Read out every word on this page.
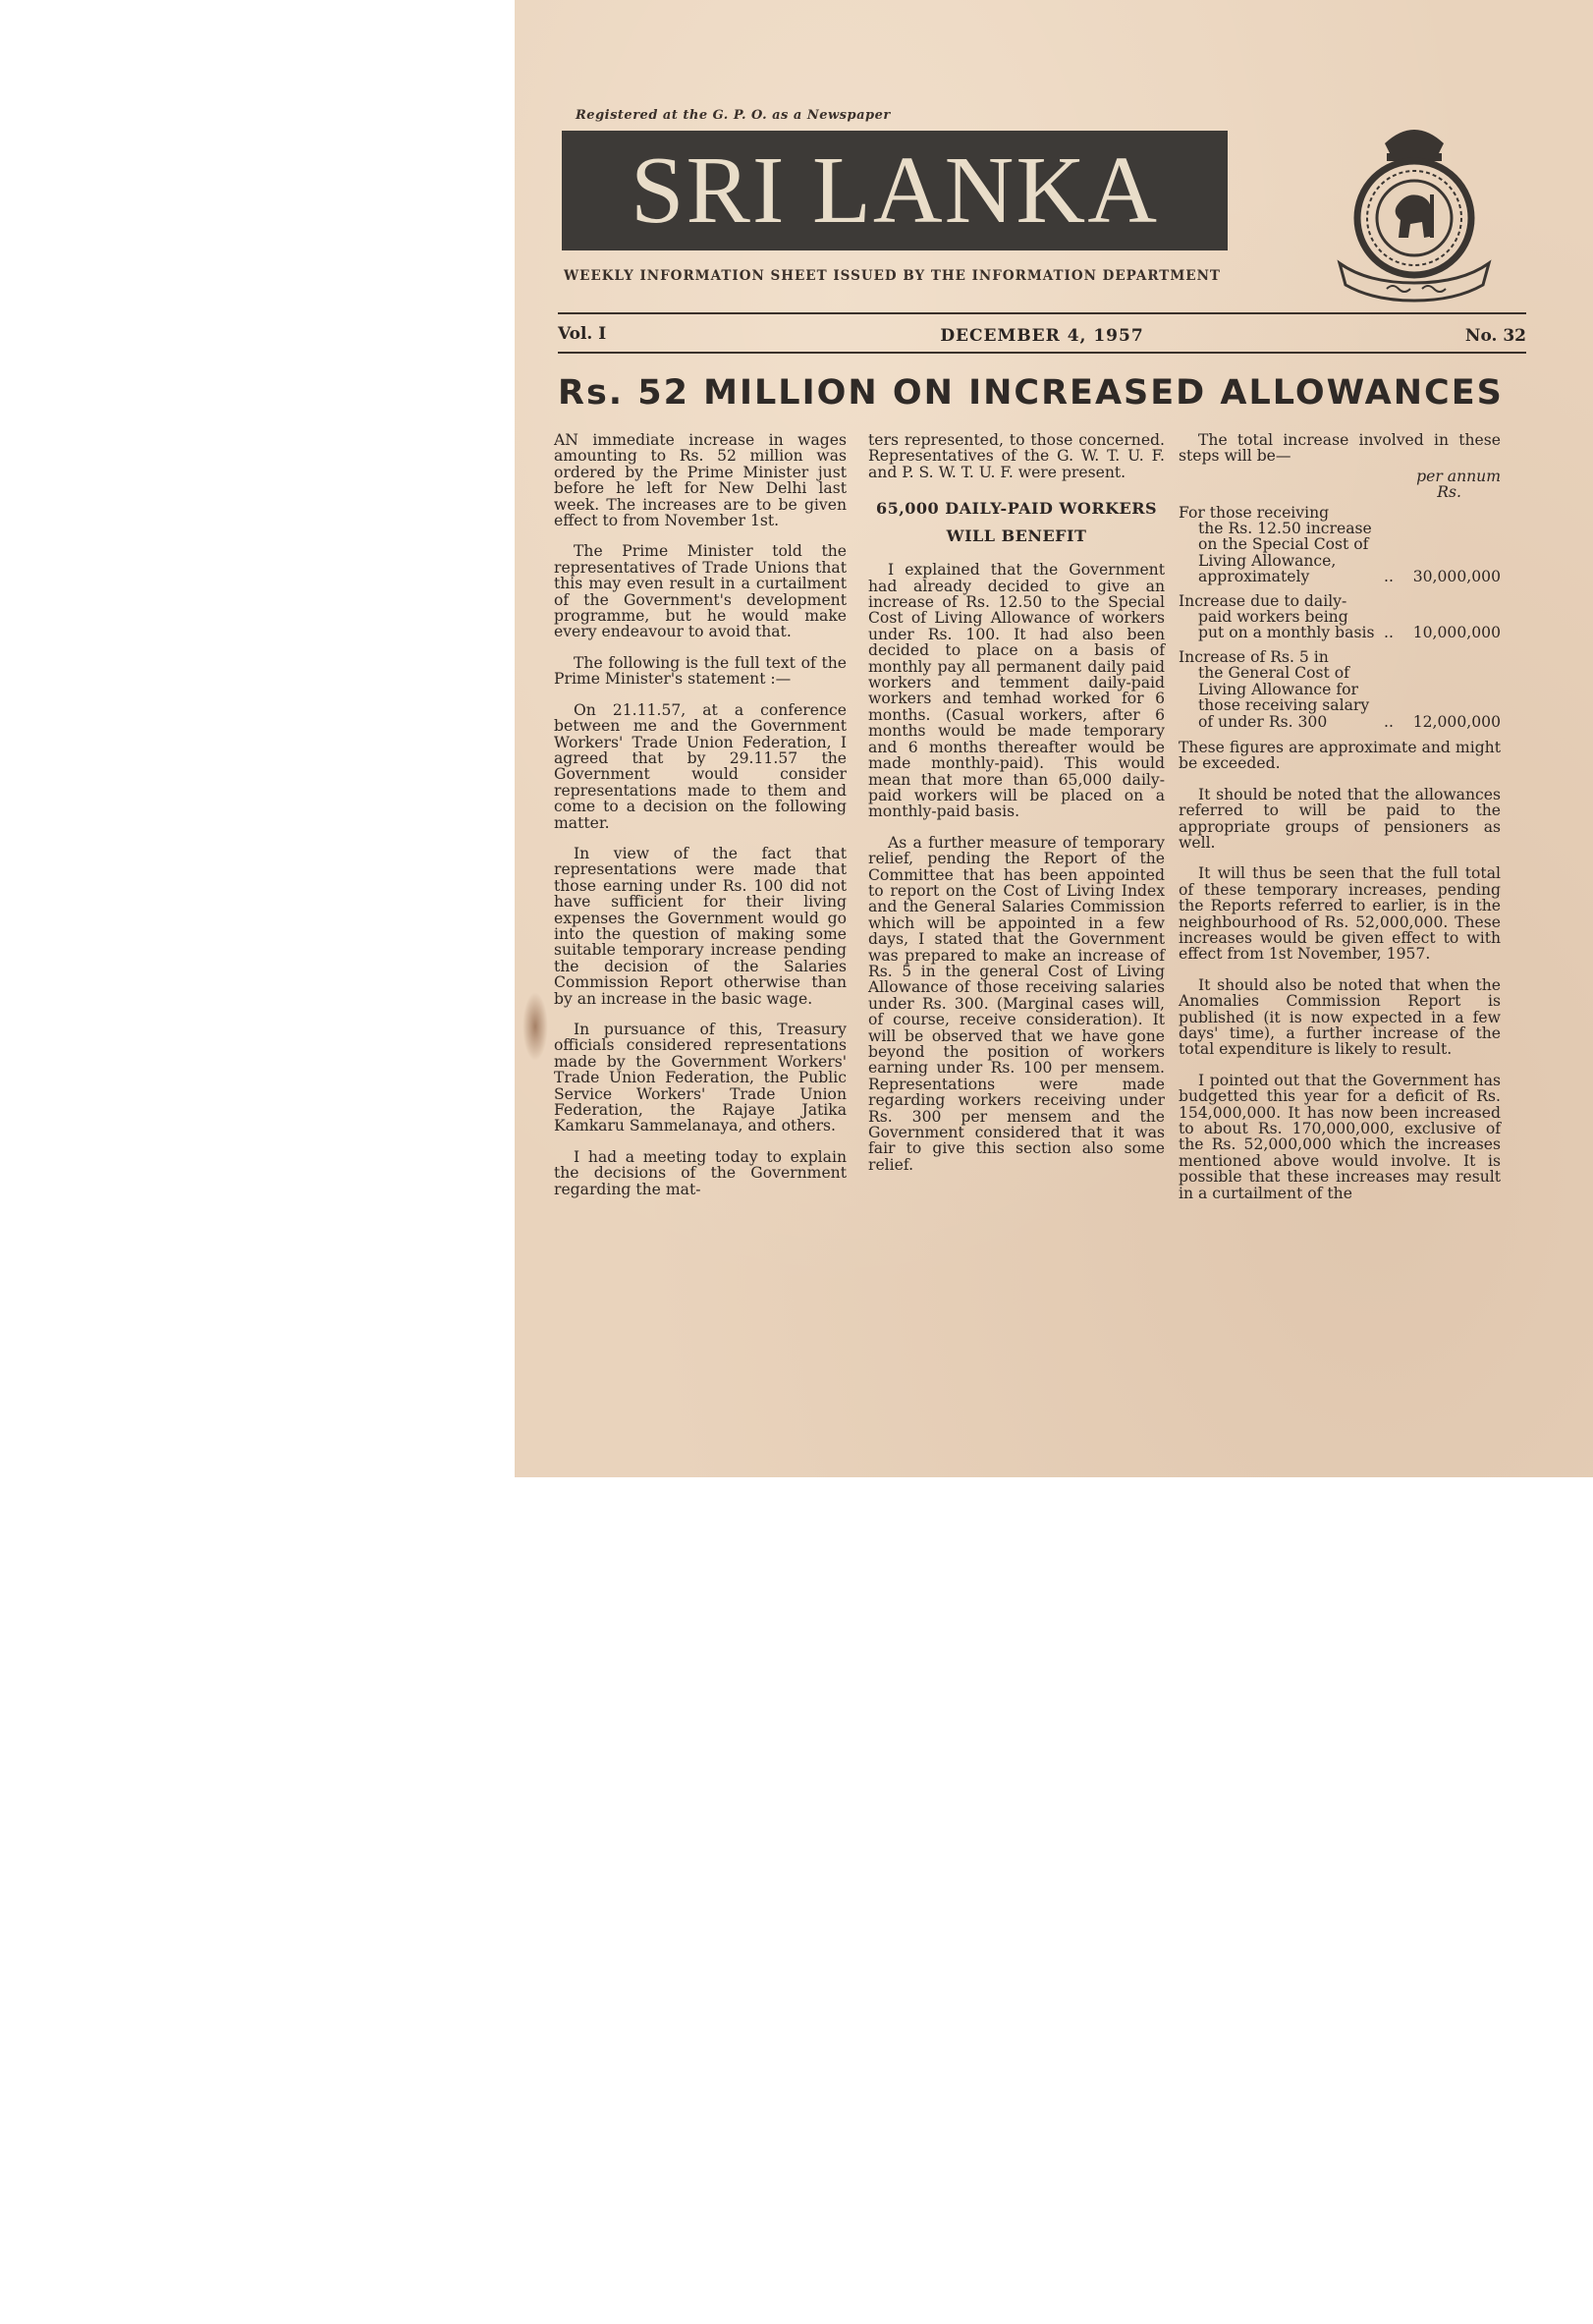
Registered at the G. P. O. as a Newspaper
SRI LANKA
WEEKLY INFORMATION SHEET ISSUED BY THE INFORMATION DEPARTMENT
Vol. I	DECEMBER 4, 1957	No. 32
Rs. 52 MILLION ON INCREASED ALLOWANCES

AN immediate increase in wages amounting to Rs. 52 million was ordered by the Prime Minister just before he left for New Delhi last week. The increases are to be given effect to from November 1st.

The Prime Minister told the representatives of Trade Unions that this may even result in a curtailment of the Government's development programme, but he would make every endeavour to avoid that.

The following is the full text of the Prime Minister's statement :—

On 21.11.57, at a conference between me and the Government Workers' Trade Union Federation, I agreed that by 29.11.57 the Government would consider representations made to them and come to a decision on the following matter.

In view of the fact that representations were made that those earning under Rs. 100 did not have sufficient for their living expenses the Government would go into the question of making some suitable temporary increase pending the decision of the Salaries Commission Report otherwise than by an increase in the basic wage.

In pursuance of this, Treasury officials considered representations made by the Government Workers' Trade Union Federation, the Public Service Workers' Trade Union Federation, the Rajaye Jatika Kamkaru Sammelanaya, and others.

I had a meeting today to explain the decisions of the Government regarding the mat-

ters represented, to those concerned. Representatives of the G. W. T. U. F. and P. S. W. T. U. F. were present.

65,000 DAILY-PAID WORKERS WILL BENEFIT

I explained that the Government had already decided to give an increase of Rs. 12.50 to the Special Cost of Living Allowance of workers under Rs. 100. It had also been decided to place on a basis of monthly pay all permanent daily paid workers and temment daily-paid workers and temhad worked for 6 months. (Casual workers, after 6 months would be made temporary and 6 months thereafter would be made monthly-paid). This would mean that more than 65,000 daily-paid workers will be placed on a monthly-paid basis.

As a further measure of temporary relief, pending the Report of the Committee that has been appointed to report on the Cost of Living Index and the General Salaries Commission which will be appointed in a few days, I stated that the Government was prepared to make an increase of Rs. 5 in the general Cost of Living Allowance of those receiving salaries under Rs. 300. (Marginal cases will, of course, receive consideration). It will be observed that we have gone beyond the position of workers earning under Rs. 100 per mensem. Representations were made regarding workers receiving under Rs. 300 per mensem and the Government considered that it was fair to give this section also some relief.

The total increase involved in these steps will be—

per annum
Rs.
For those receiving
the Rs. 12.50 increase on the Special Cost of Living Allowance, approximately	..	30,000,000
Increase due to daily-
paid workers being put on a monthly basis ..	10,000,000
Increase of Rs. 5 in
the General Cost of Living Allowance for those receiving salary of under Rs. 300	..	12,000,000

These figures are approximate and might be exceeded.

It should be noted that the allowances referred to will be paid to the appropriate groups of pensioners as well.

It will thus be seen that the full total of these temporary increases, pending the Reports referred to earlier, is in the neighbourhood of Rs. 52,000,000. These increases would be given effect to with effect from 1st November, 1957.

It should also be noted that when the Anomalies Commission Report is published (it is now expected in a few days' time), a further increase of the total expenditure is likely to result.

I pointed out that the Government has budgetted this year for a deficit of Rs. 154,000,000. It has now been increased to about Rs. 170,000,000, exclusive of the Rs. 52,000,000 which the increases mentioned above would involve. It is possible that these increases may result in a curtailment of the
